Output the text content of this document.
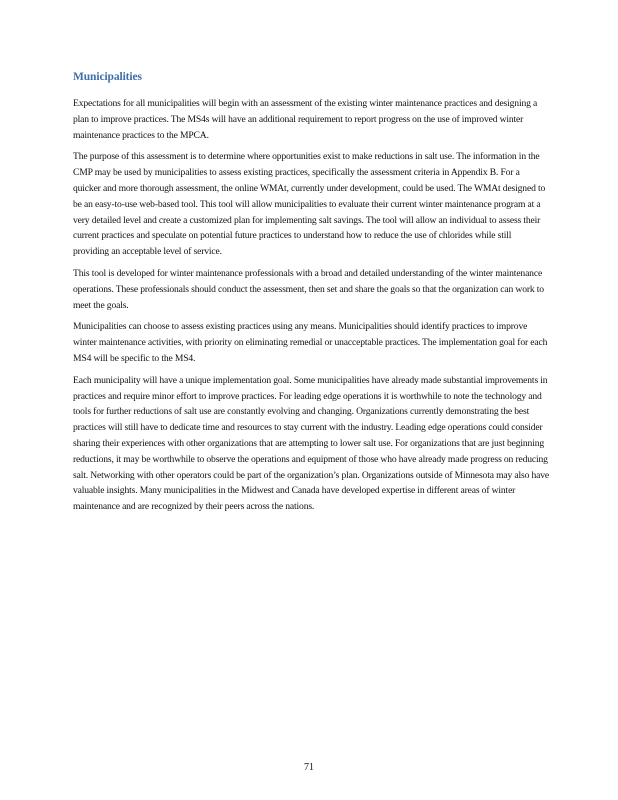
Municipalities

Expectations for all municipalities will begin with an assessment of the existing winter maintenance practices and designing a plan to improve practices. The MS4s will have an additional requirement to report progress on the use of improved winter maintenance practices to the MPCA.

The purpose of this assessment is to determine where opportunities exist to make reductions in salt use. The information in the CMP may be used by municipalities to assess existing practices, specifically the assessment criteria in Appendix B. For a quicker and more thorough assessment, the online WMAt, currently under development, could be used. The WMAt designed to be an easy-to-use web-based tool. This tool will allow municipalities to evaluate their current winter maintenance program at a very detailed level and create a customized plan for implementing salt savings. The tool will allow an individual to assess their current practices and speculate on potential future practices to understand how to reduce the use of chlorides while still providing an acceptable level of service.

This tool is developed for winter maintenance professionals with a broad and detailed understanding of the winter maintenance operations. These professionals should conduct the assessment, then set and share the goals so that the organization can work to meet the goals.

Municipalities can choose to assess existing practices using any means. Municipalities should identify practices to improve winter maintenance activities, with priority on eliminating remedial or unacceptable practices. The implementation goal for each MS4 will be specific to the MS4.

Each municipality will have a unique implementation goal. Some municipalities have already made substantial improvements in practices and require minor effort to improve practices. For leading edge operations it is worthwhile to note the technology and tools for further reductions of salt use are constantly evolving and changing. Organizations currently demonstrating the best practices will still have to dedicate time and resources to stay current with the industry. Leading edge operations could consider sharing their experiences with other organizations that are attempting to lower salt use. For organizations that are just beginning reductions, it may be worthwhile to observe the operations and equipment of those who have already made progress on reducing salt. Networking with other operators could be part of the organization’s plan. Organizations outside of Minnesota may also have valuable insights. Many municipalities in the Midwest and Canada have developed expertise in different areas of winter maintenance and are recognized by their peers across the nations.

71
